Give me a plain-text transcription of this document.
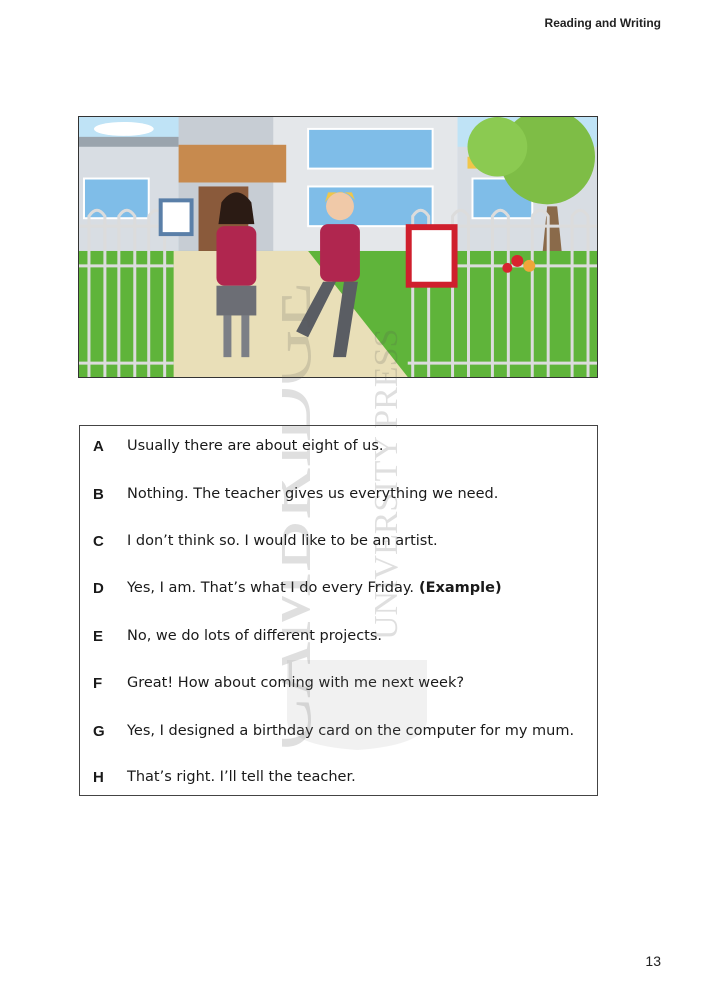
Reading and Writing
A Usually there are about eight of us.
B Nothing. The teacher gives us everything we need.
C I don’t think so. I would like to be an artist.
D Yes, I am. That’s what I do every Friday. (Example)
E No, we do lots of different projects.
F Great! How about coming with me next week?
G Yes, I designed a birthday card on the computer for my mum.
H That’s right. I’ll tell the teacher.
CAMBRIDGE UNIVERSITY PRESS
13
